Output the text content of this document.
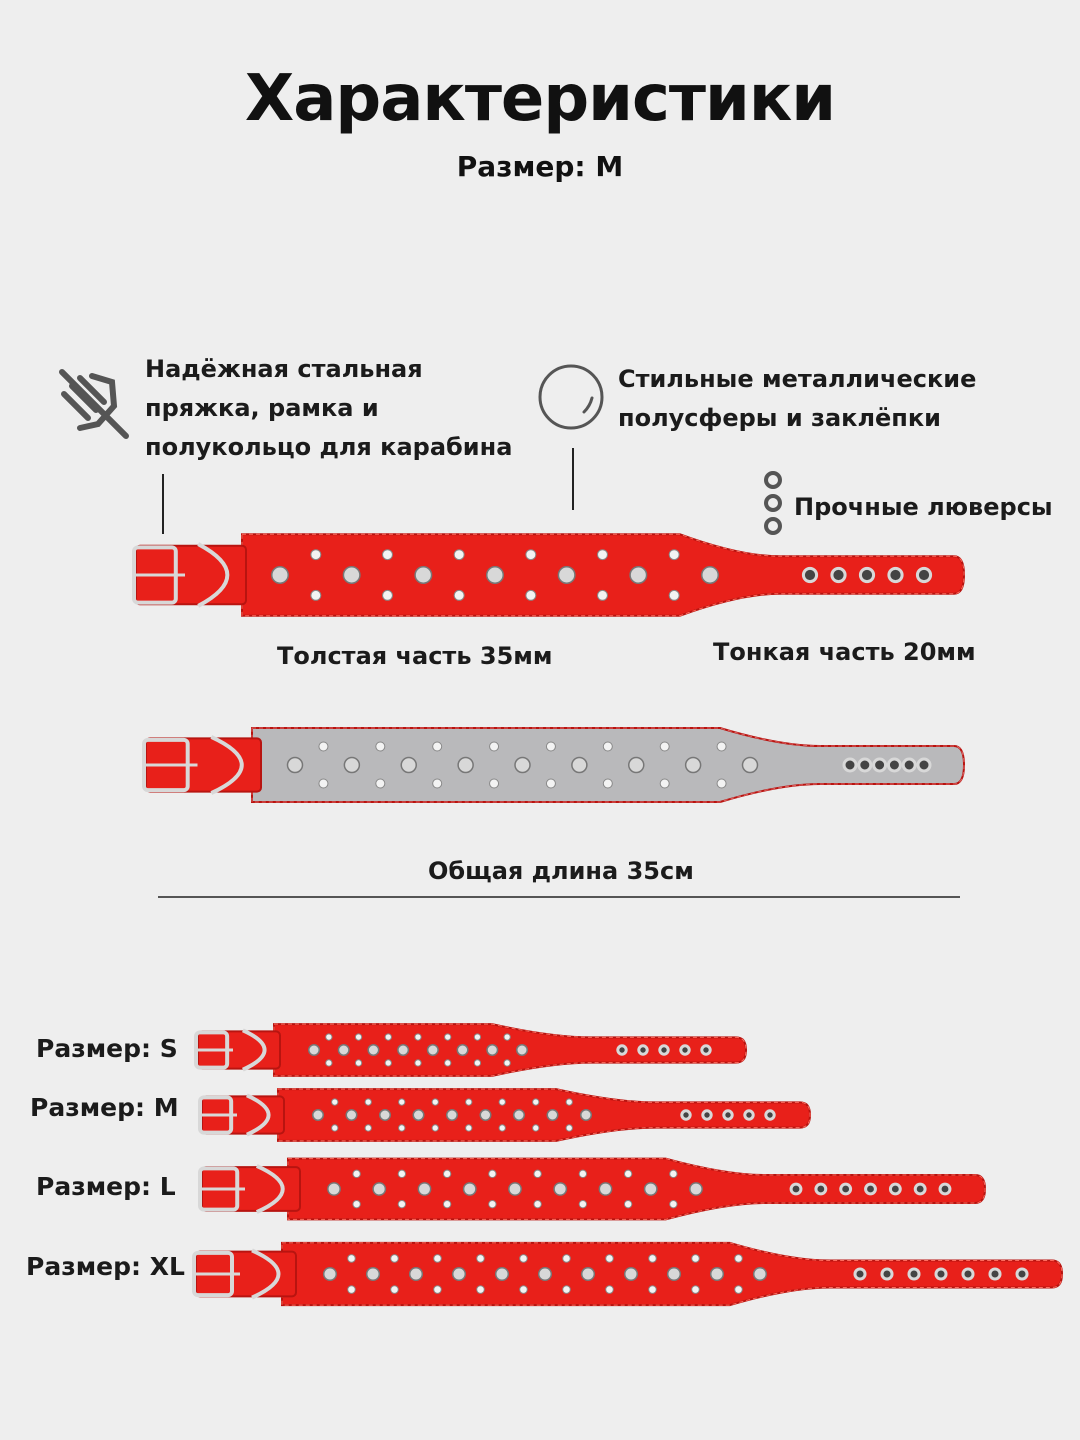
Характеристики
Размер: M
Надёжная стальная
пряжка, рамка и
полукольцо для карабина
Стильные металлические
полусферы и заклёпки
Прочные люверсы
Толстая часть 35мм	Тонкая часть 20мм
Общая длина 35см
Размер: S
Размер: M
Размер: L
Размер: XL
